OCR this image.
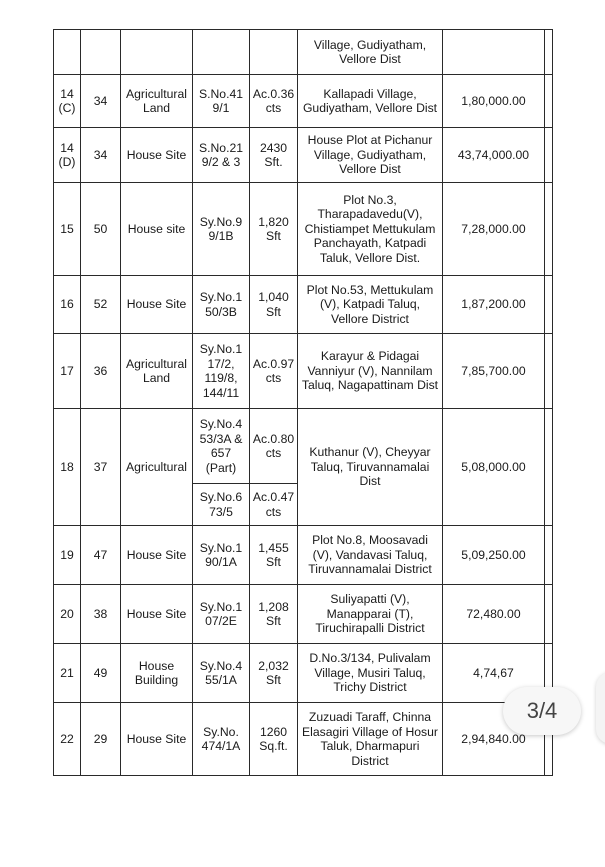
					Village, Gudiyatham, Vellore Dist		
14 (C)	34	Agricultural Land	S.No.41 9/1	Ac.0.36 cts	Kallapadi Village, Gudiyatham, Vellore Dist	1,80,000.00	
14 (D)	34	House Site	S.No.21 9/2 & 3	2430 Sft.	House Plot at Pichanur Village, Gudiyatham, Vellore Dist	43,74,000.00	
15	50	House site	Sy.No.9 9/1B	1,820 Sft	Plot No.3, Tharapadavedu(V), Chistiampet Mettukulam Panchayath, Katpadi Taluk, Vellore Dist.	7,28,000.00	
16	52	House Site	Sy.No.1 50/3B	1,040 Sft	Plot No.53, Mettukulam (V), Katpadi Taluq, Vellore District	1,87,200.00	
17	36	Agricultural Land	Sy.No.1 17/2, 119/8, 144/11	Ac.0.97 cts	Karayur & Pidagai Vanniyur (V), Nannilam Taluq, Nagapattinam Dist	7,85,700.00	
18	37	Agricultural	Sy.No.4 53/3A & 657 (Part)	Ac.0.80 cts	Kuthanur (V), Cheyyar Taluq, Tiruvannamalai Dist	5,08,000.00	
			Sy.No.6 73/5	Ac.0.47 cts			
19	47	House Site	Sy.No.1 90/1A	1,455 Sft	Plot No.8, Moosavadi (V), Vandavasi Taluq, Tiruvannamalai District	5,09,250.00	
20	38	House Site	Sy.No.1 07/2E	1,208 Sft	Suliyapatti (V), Manapparai (T), Tiruchirapalli District	72,480.00	
21	49	House Building	Sy.No.4 55/1A	2,032 Sft	D.No.3/134, Pulivalam Village, Musiri Taluq, Trichy District	4,74,67	
22	29	House Site	Sy.No. 474/1A	1260 Sq.ft.	Zuzuadi Taraff, Chinna Elasagiri Village of Hosur Taluk, Dharmapuri District	2,94,840.00	
3/4
